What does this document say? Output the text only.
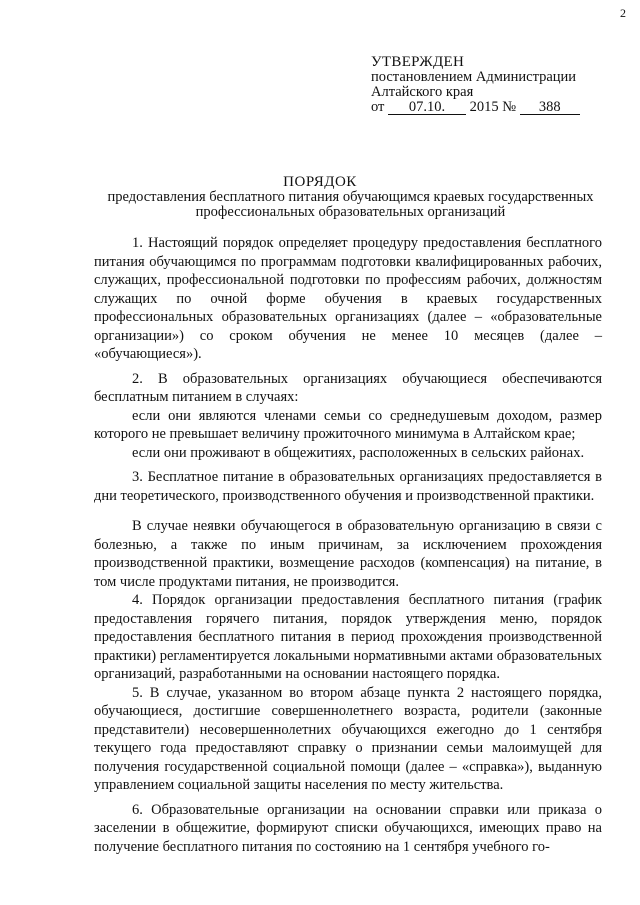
2
УТВЕРЖДЕН
постановлением Администрации
Алтайского края
от 07.10. 2015 № 388
ПОРЯДОК
предоставления бесплатного питания обучающимся краевых государственных профессиональных образовательных организаций

1. Настоящий порядок определяет процедуру предоставления бесплатного питания обучающимся по программам подготовки квалифицированных рабочих, служащих, профессиональной подготовки по профессиям рабочих, должностям служащих по очной форме обучения в краевых государственных профессиональных образовательных организациях (далее – «образовательные организации») со сроком обучения не менее 10 месяцев (далее – «обучающиеся»).

2. В образовательных организациях обучающиеся обеспечиваются бесплатным питанием в случаях:

если они являются членами семьи со среднедушевым доходом, размер которого не превышает величину прожиточного минимума в Алтайском крае;

если они проживают в общежитиях, расположенных в сельских районах.

3. Бесплатное питание в образовательных организациях предоставляется в дни теоретического, производственного обучения и производственной практики.

В случае неявки обучающегося в образовательную организацию в связи с болезнью, а также по иным причинам, за исключением прохождения производственной практики, возмещение расходов (компенсация) на питание, в том числе продуктами питания, не производится.

4. Порядок организации предоставления бесплатного питания (график предоставления горячего питания, порядок утверждения меню, порядок предоставления бесплатного питания в период прохождения производственной практики) регламентируется локальными нормативными актами образовательных организаций, разработанными на основании настоящего порядка.

5. В случае, указанном во втором абзаце пункта 2 настоящего порядка, обучающиеся, достигшие совершеннолетнего возраста, родители (законные представители) несовершеннолетних обучающихся ежегодно до 1 сентября текущего года предоставляют справку о признании семьи малоимущей для получения государственной социальной помощи (далее – «справка»), выданную управлением социальной защиты населения по месту жительства.

6. Образовательные организации на основании справки или приказа о заселении в общежитие, формируют списки обучающихся, имеющих право на получение бесплатного питания по состоянию на 1 сентября учебного го-
